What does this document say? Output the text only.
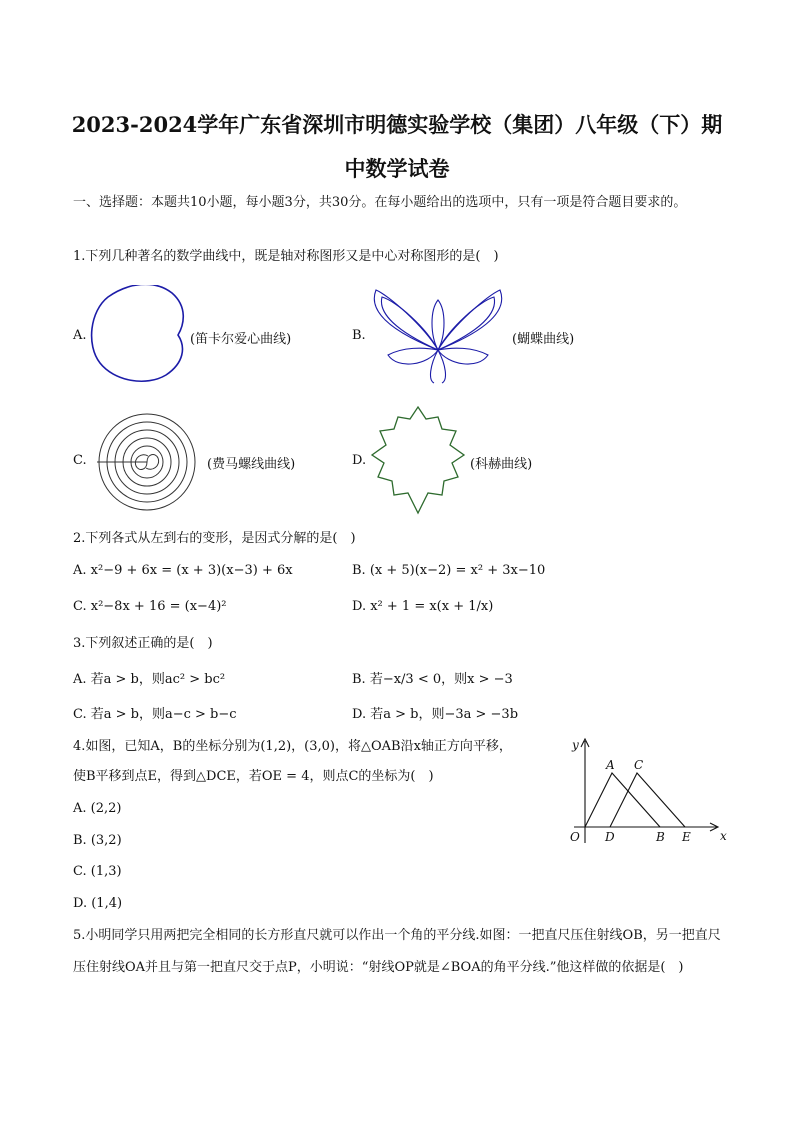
2023-2024学年广东省深圳市明德实验学校（集团）八年级（下）期
中数学试卷
一、选择题：本题共10小题，每小题3分，共30分。在每小题给出的选项中，只有一项是符合题目要求的。
1.下列几种著名的数学曲线中，既是轴对称图形又是中心对称图形的是(　)
A.	(笛卡尔爱心曲线)	B.	(蝴蝶曲线)
C.	(费马螺线曲线)	D.	(科赫曲线)
2.下列各式从左到右的变形，是因式分解的是(　)
A. x²−9 + 6x = (x + 3)(x−3) + 6x	B. (x + 5)(x−2) = x² + 3x−10
C. x²−8x + 16 = (x−4)²	D. x² + 1 = x(x + 1/x)
3.下列叙述正确的是(　)
A. 若a > b，则ac² > bc²	B. 若−x/3 < 0，则x > −3
C. 若a > b，则a−c > b−c	D. 若a > b，则−3a > −3b
4.如图，已知A，B的坐标分别为(1,2)，(3,0)，将△OAB沿x轴正方向平移，
使B平移到点E，得到△DCE，若OE = 4，则点C的坐标为(　)
A. (2,2)
B. (3,2)
C. (1,3)
D. (1,4)
y
x
O
A C
D	B E
5.小明同学只用两把完全相同的长方形直尺就可以作出一个角的平分线.如图：一把直尺压住射线OB，另一把直尺压住射线OA并且与第一把直尺交于点P，小明说：“射线OP就是∠BOA的角平分线.”他这样做的依据是(　)
